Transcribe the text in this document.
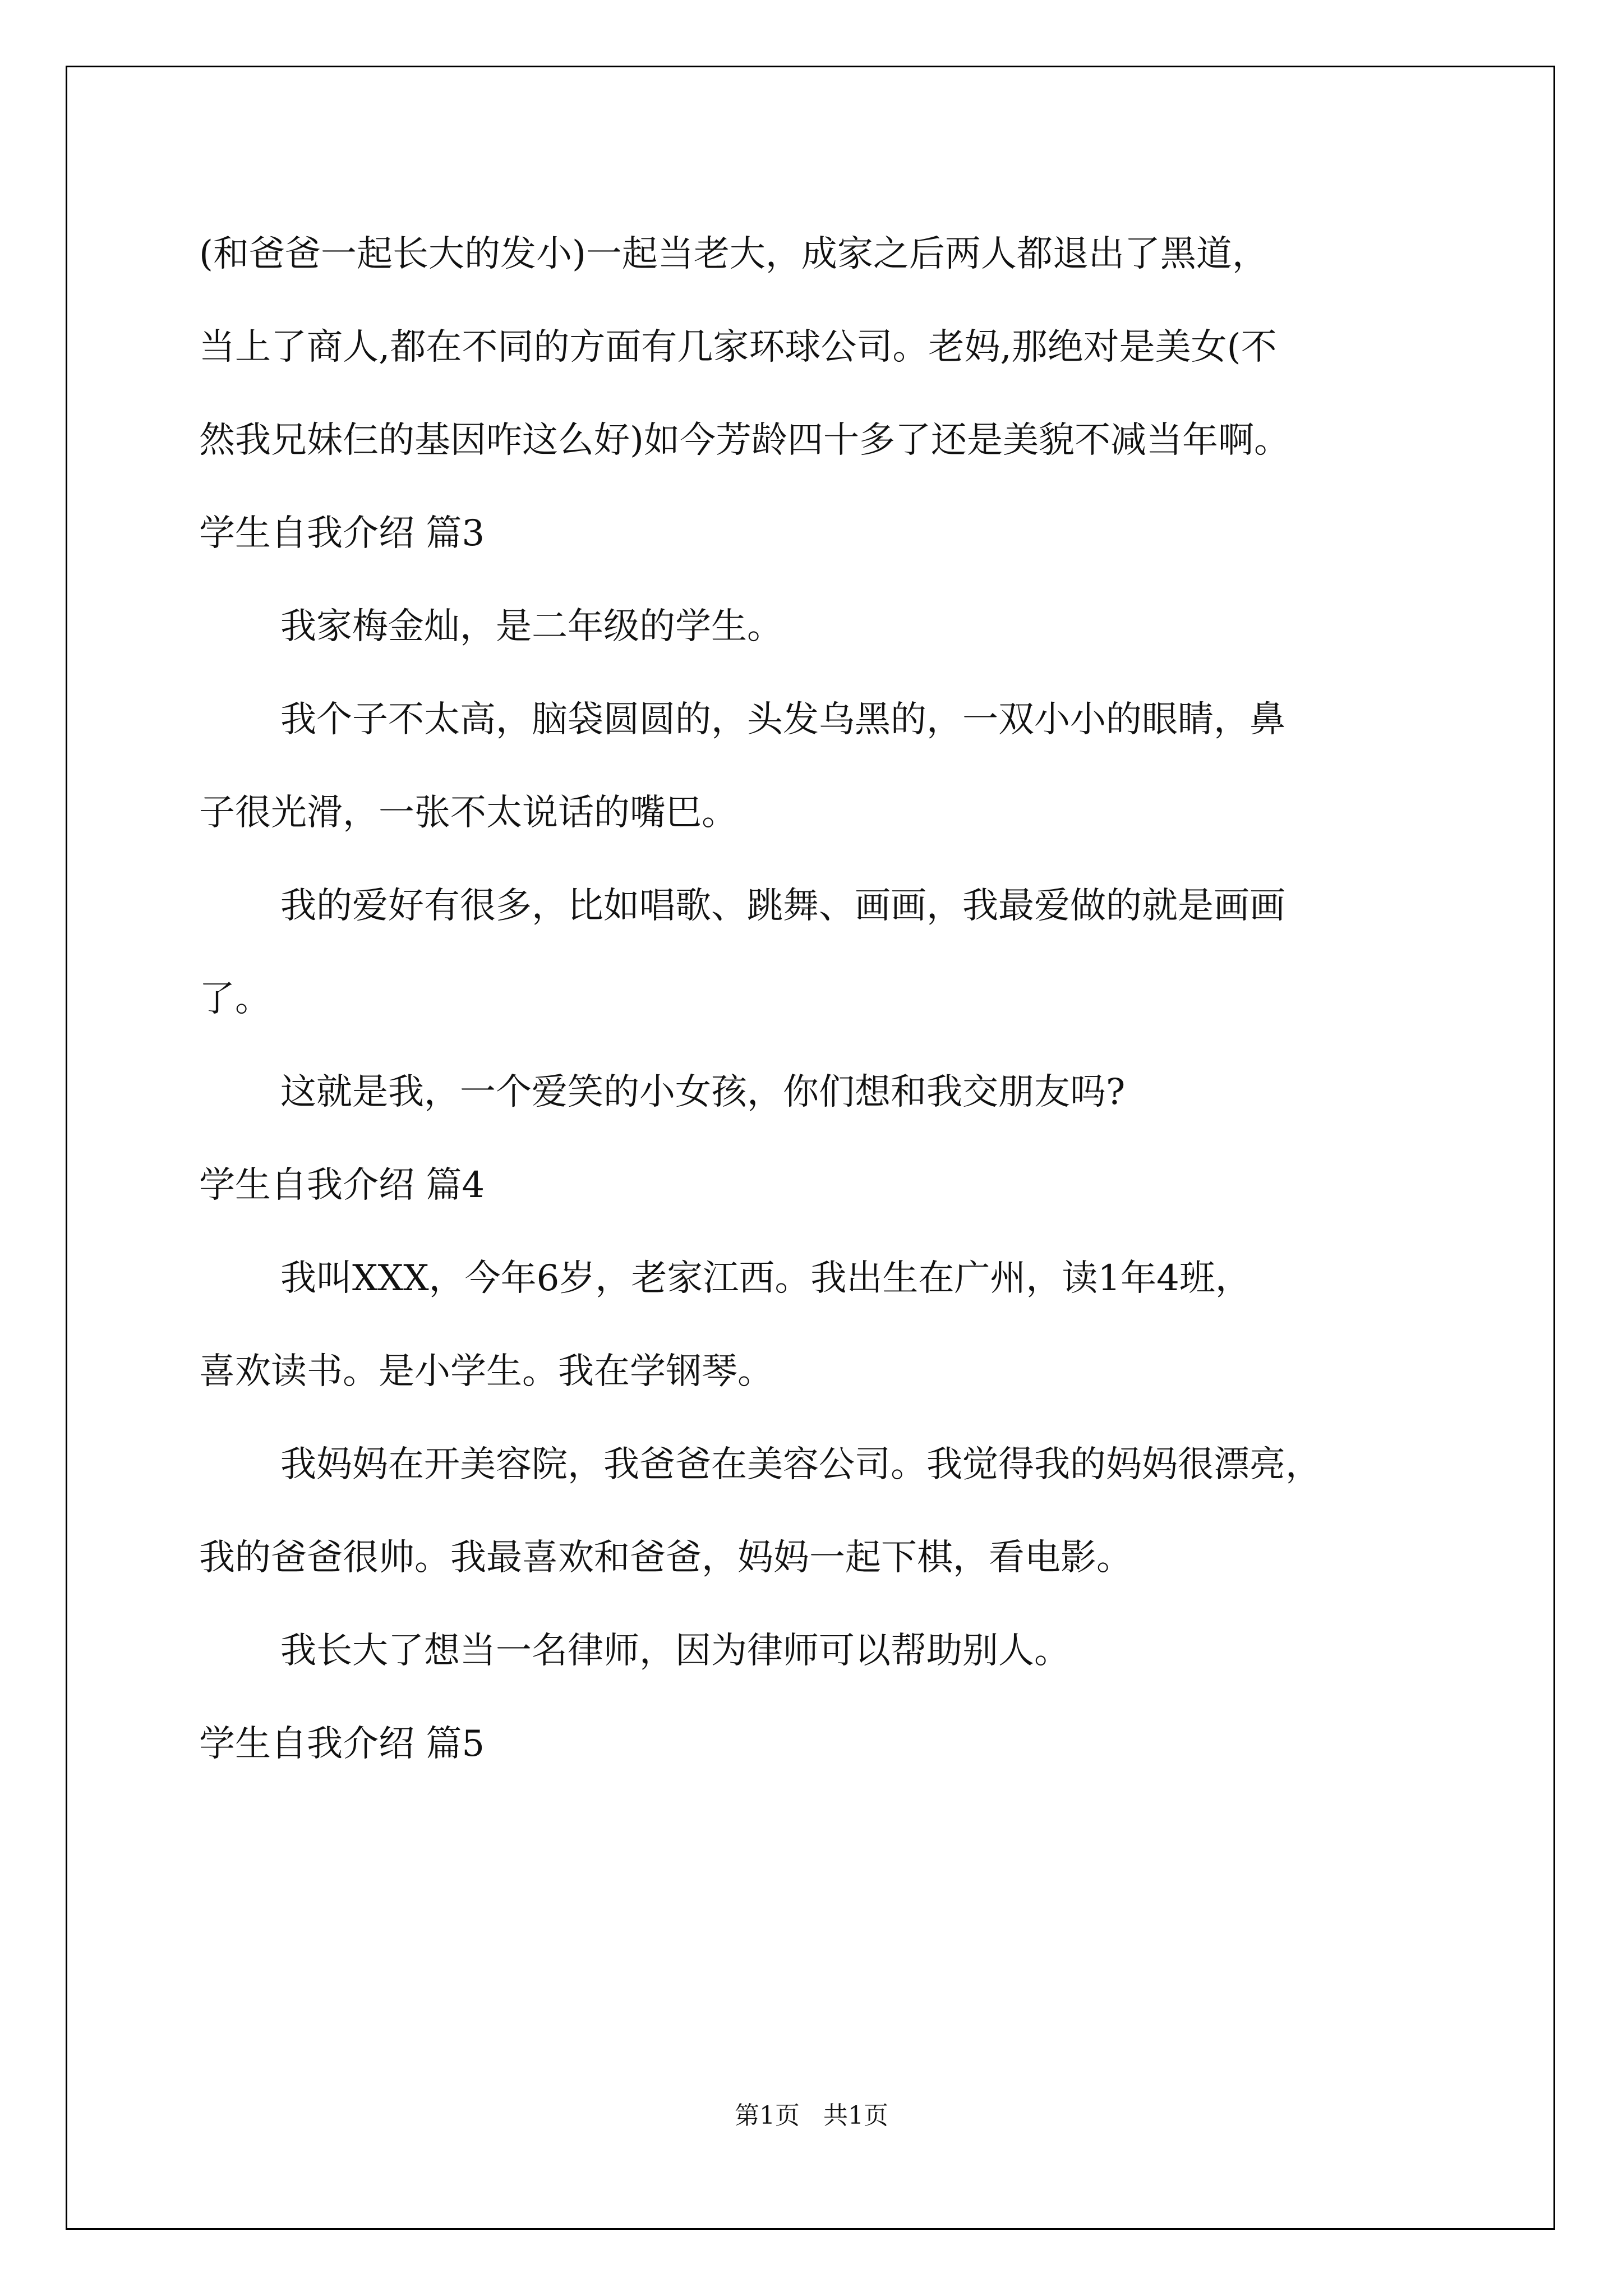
(和爸爸一起长大的发小)一起当老大，成家之后两人都退出了黑道，

当上了商人,都在不同的方面有几家环球公司。老妈,那绝对是美女(不

然我兄妹仨的基因咋这么好)如今芳龄四十多了还是美貌不减当年啊。

学生自我介绍 篇3

我家梅金灿，是二年级的学生。

我个子不太高，脑袋圆圆的，头发乌黑的，一双小小的眼睛，鼻

子很光滑，一张不太说话的嘴巴。

我的爱好有很多，比如唱歌、跳舞、画画，我最爱做的就是画画

了。

这就是我，一个爱笑的小女孩，你们想和我交朋友吗?

学生自我介绍 篇4

我叫XXX，今年6岁，老家江西。我出生在广州，读1年4班，

喜欢读书。是小学生。我在学钢琴。

我妈妈在开美容院，我爸爸在美容公司。我觉得我的妈妈很漂亮，

我的爸爸很帅。我最喜欢和爸爸，妈妈一起下棋，看电影。

我长大了想当一名律师，因为律师可以帮助别人。

学生自我介绍 篇5

第1页 共1页
